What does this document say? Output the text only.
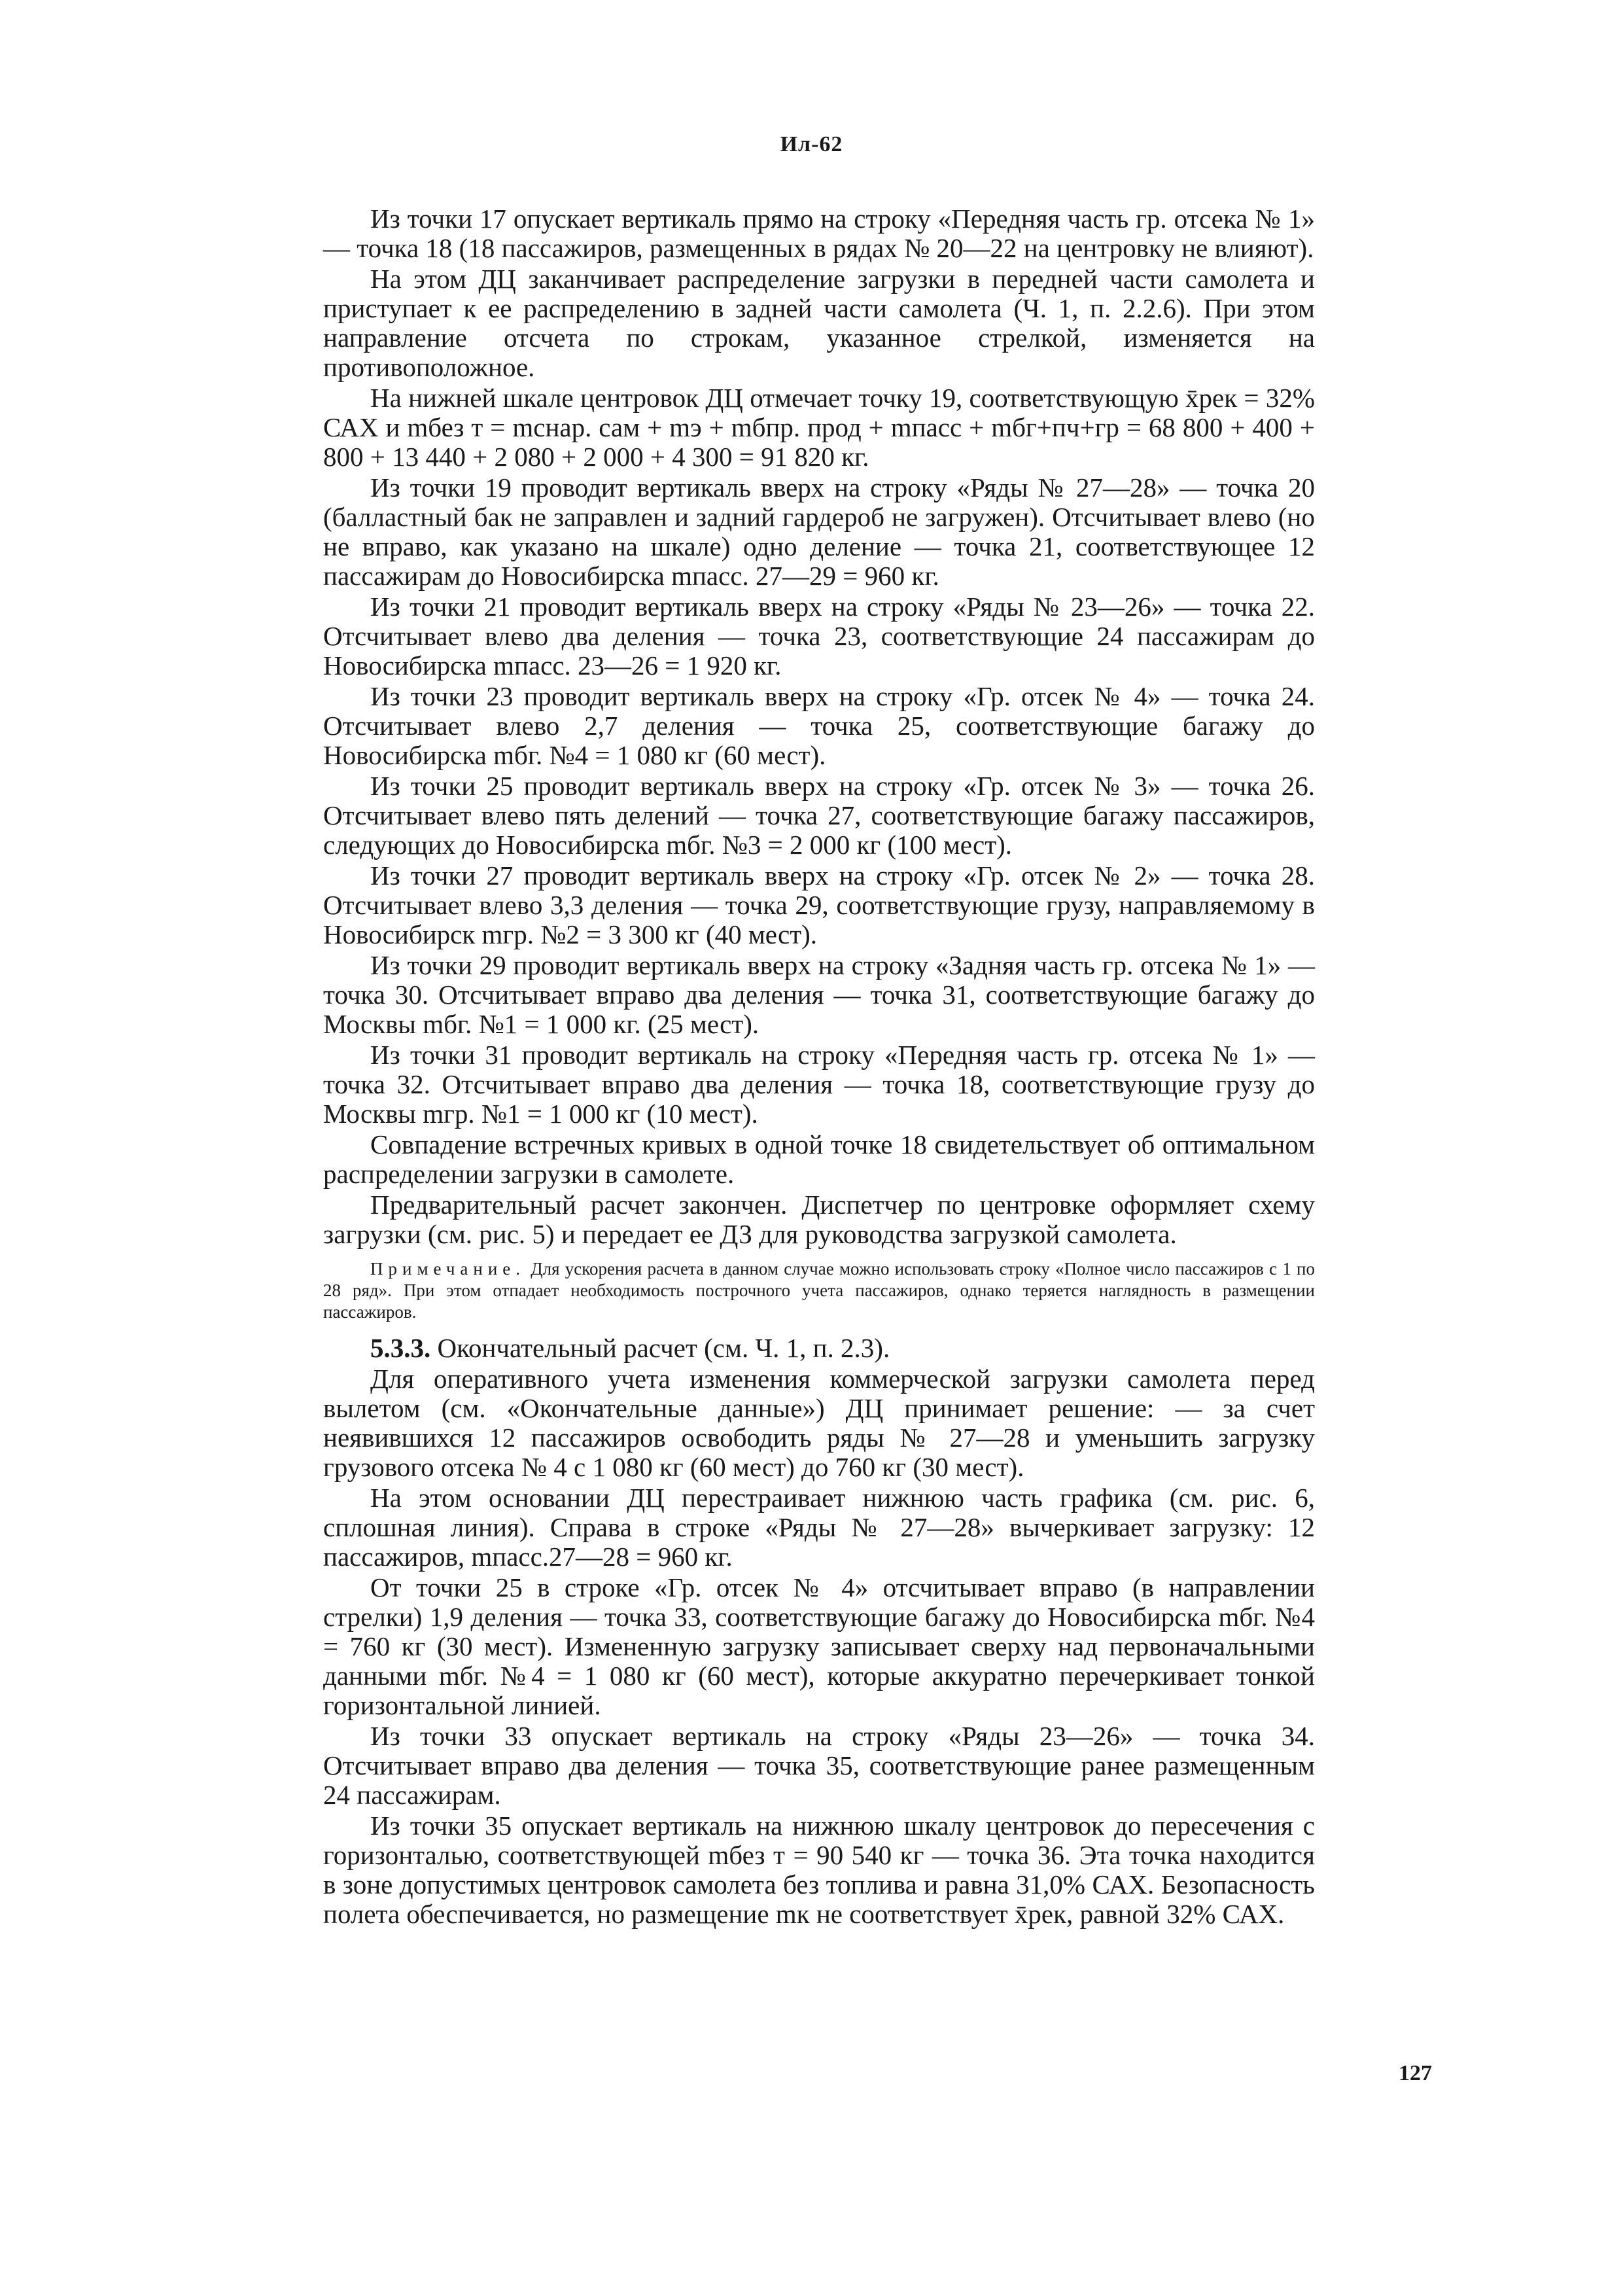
Ил-62

Из точки 17 опускает вертикаль прямо на строку «Передняя часть гр. отсека № 1» — точка 18 (18 пассажиров, размещенных в рядах № 20—22 на центровку не влияют).

На этом ДЦ заканчивает распределение загрузки в передней части самолета и приступает к ее распределению в задней части самолета (Ч. 1, п. 2.2.6). При этом направление отсчета по строкам, указанное стрелкой, изменяется на противоположное.

На нижней шкале центровок ДЦ отмечает точку 19, соответствующую x̄рек = 32% САХ и mбез т = mснар. сам + mэ + mбпр. прод + mпасс + mбг+пч+гр = 68 800 + 400 + 800 + 13 440 + 2 080 + 2 000 + 4 300 = 91 820 кг.

Из точки 19 проводит вертикаль вверх на строку «Ряды № 27—28» — точка 20 (балластный бак не заправлен и задний гардероб не загружен). Отсчитывает влево (но не вправо, как указано на шкале) одно деление — точка 21, соответствующее 12 пассажирам до Новосибирска mпасс. 27—29 = 960 кг.

Из точки 21 проводит вертикаль вверх на строку «Ряды № 23—26» — точка 22. Отсчитывает влево два деления — точка 23, соответствующие 24 пассажирам до Новосибирска mпасс. 23—26 = 1 920 кг.

Из точки 23 проводит вертикаль вверх на строку «Гр. отсек № 4» — точка 24. Отсчитывает влево 2,7 деления — точка 25, соответствующие багажу до Новосибирска mбг. №4 = 1 080 кг (60 мест).

Из точки 25 проводит вертикаль вверх на строку «Гр. отсек № 3» — точка 26. Отсчитывает влево пять делений — точка 27, соответствующие багажу пассажиров, следующих до Новосибирска mбг. №3 = 2 000 кг (100 мест).

Из точки 27 проводит вертикаль вверх на строку «Гр. отсек № 2» — точка 28. Отсчитывает влево 3,3 деления — точка 29, соответствующие грузу, направляемому в Новосибирск mгр. №2 = 3 300 кг (40 мест).

Из точки 29 проводит вертикаль вверх на строку «Задняя часть гр. отсека № 1» — точка 30. Отсчитывает вправо два деления — точка 31, соответствующие багажу до Москвы mбг. №1 = 1 000 кг. (25 мест).

Из точки 31 проводит вертикаль на строку «Передняя часть гр. отсека № 1» — точка 32. Отсчитывает вправо два деления — точка 18, соответствующие грузу до Москвы mгр. №1 = 1 000 кг (10 мест).

Совпадение встречных кривых в одной точке 18 свидетельствует об оптимальном распределении загрузки в самолете.

Предварительный расчет закончен. Диспетчер по центровке оформляет схему загрузки (см. рис. 5) и передает ее ДЗ для руководства загрузкой самолета.

Примечание. Для ускорения расчета в данном случае можно использовать строку «Полное число пассажиров с 1 по 28 ряд». При этом отпадает необходимость построчного учета пассажиров, однако теряется наглядность в размещении пассажиров.

5.3.3. Окончательный расчет (см. Ч. 1, п. 2.3).

Для оперативного учета изменения коммерческой загрузки самолета перед вылетом (см. «Окончательные данные») ДЦ принимает решение: — за счет неявившихся 12 пассажиров освободить ряды № 27—28 и уменьшить загрузку грузового отсека № 4 с 1 080 кг (60 мест) до 760 кг (30 мест).

На этом основании ДЦ перестраивает нижнюю часть графика (см. рис. 6, сплошная линия). Справа в строке «Ряды № 27—28» вычеркивает загрузку: 12 пассажиров, mпасс.27—28 = 960 кг.

От точки 25 в строке «Гр. отсек № 4» отсчитывает вправо (в направлении стрелки) 1,9 деления — точка 33, соответствующие багажу до Новосибирска mбг. №4 = 760 кг (30 мест). Измененную загрузку записывает сверху над первоначальными данными mбг. №4 = 1 080 кг (60 мест), которые аккуратно перечеркивает тонкой горизонтальной линией.

Из точки 33 опускает вертикаль на строку «Ряды 23—26» — точка 34. Отсчитывает вправо два деления — точка 35, соответствующие ранее размещенным 24 пассажирам.

Из точки 35 опускает вертикаль на нижнюю шкалу центровок до пересечения с горизонталью, соответствующей mбез т = 90 540 кг — точка 36. Эта точка находится в зоне допустимых центровок самолета без топлива и равна 31,0% САХ. Безопасность полета обеспечивается, но размещение mк не соответствует x̄рек, равной 32% САХ.

127
